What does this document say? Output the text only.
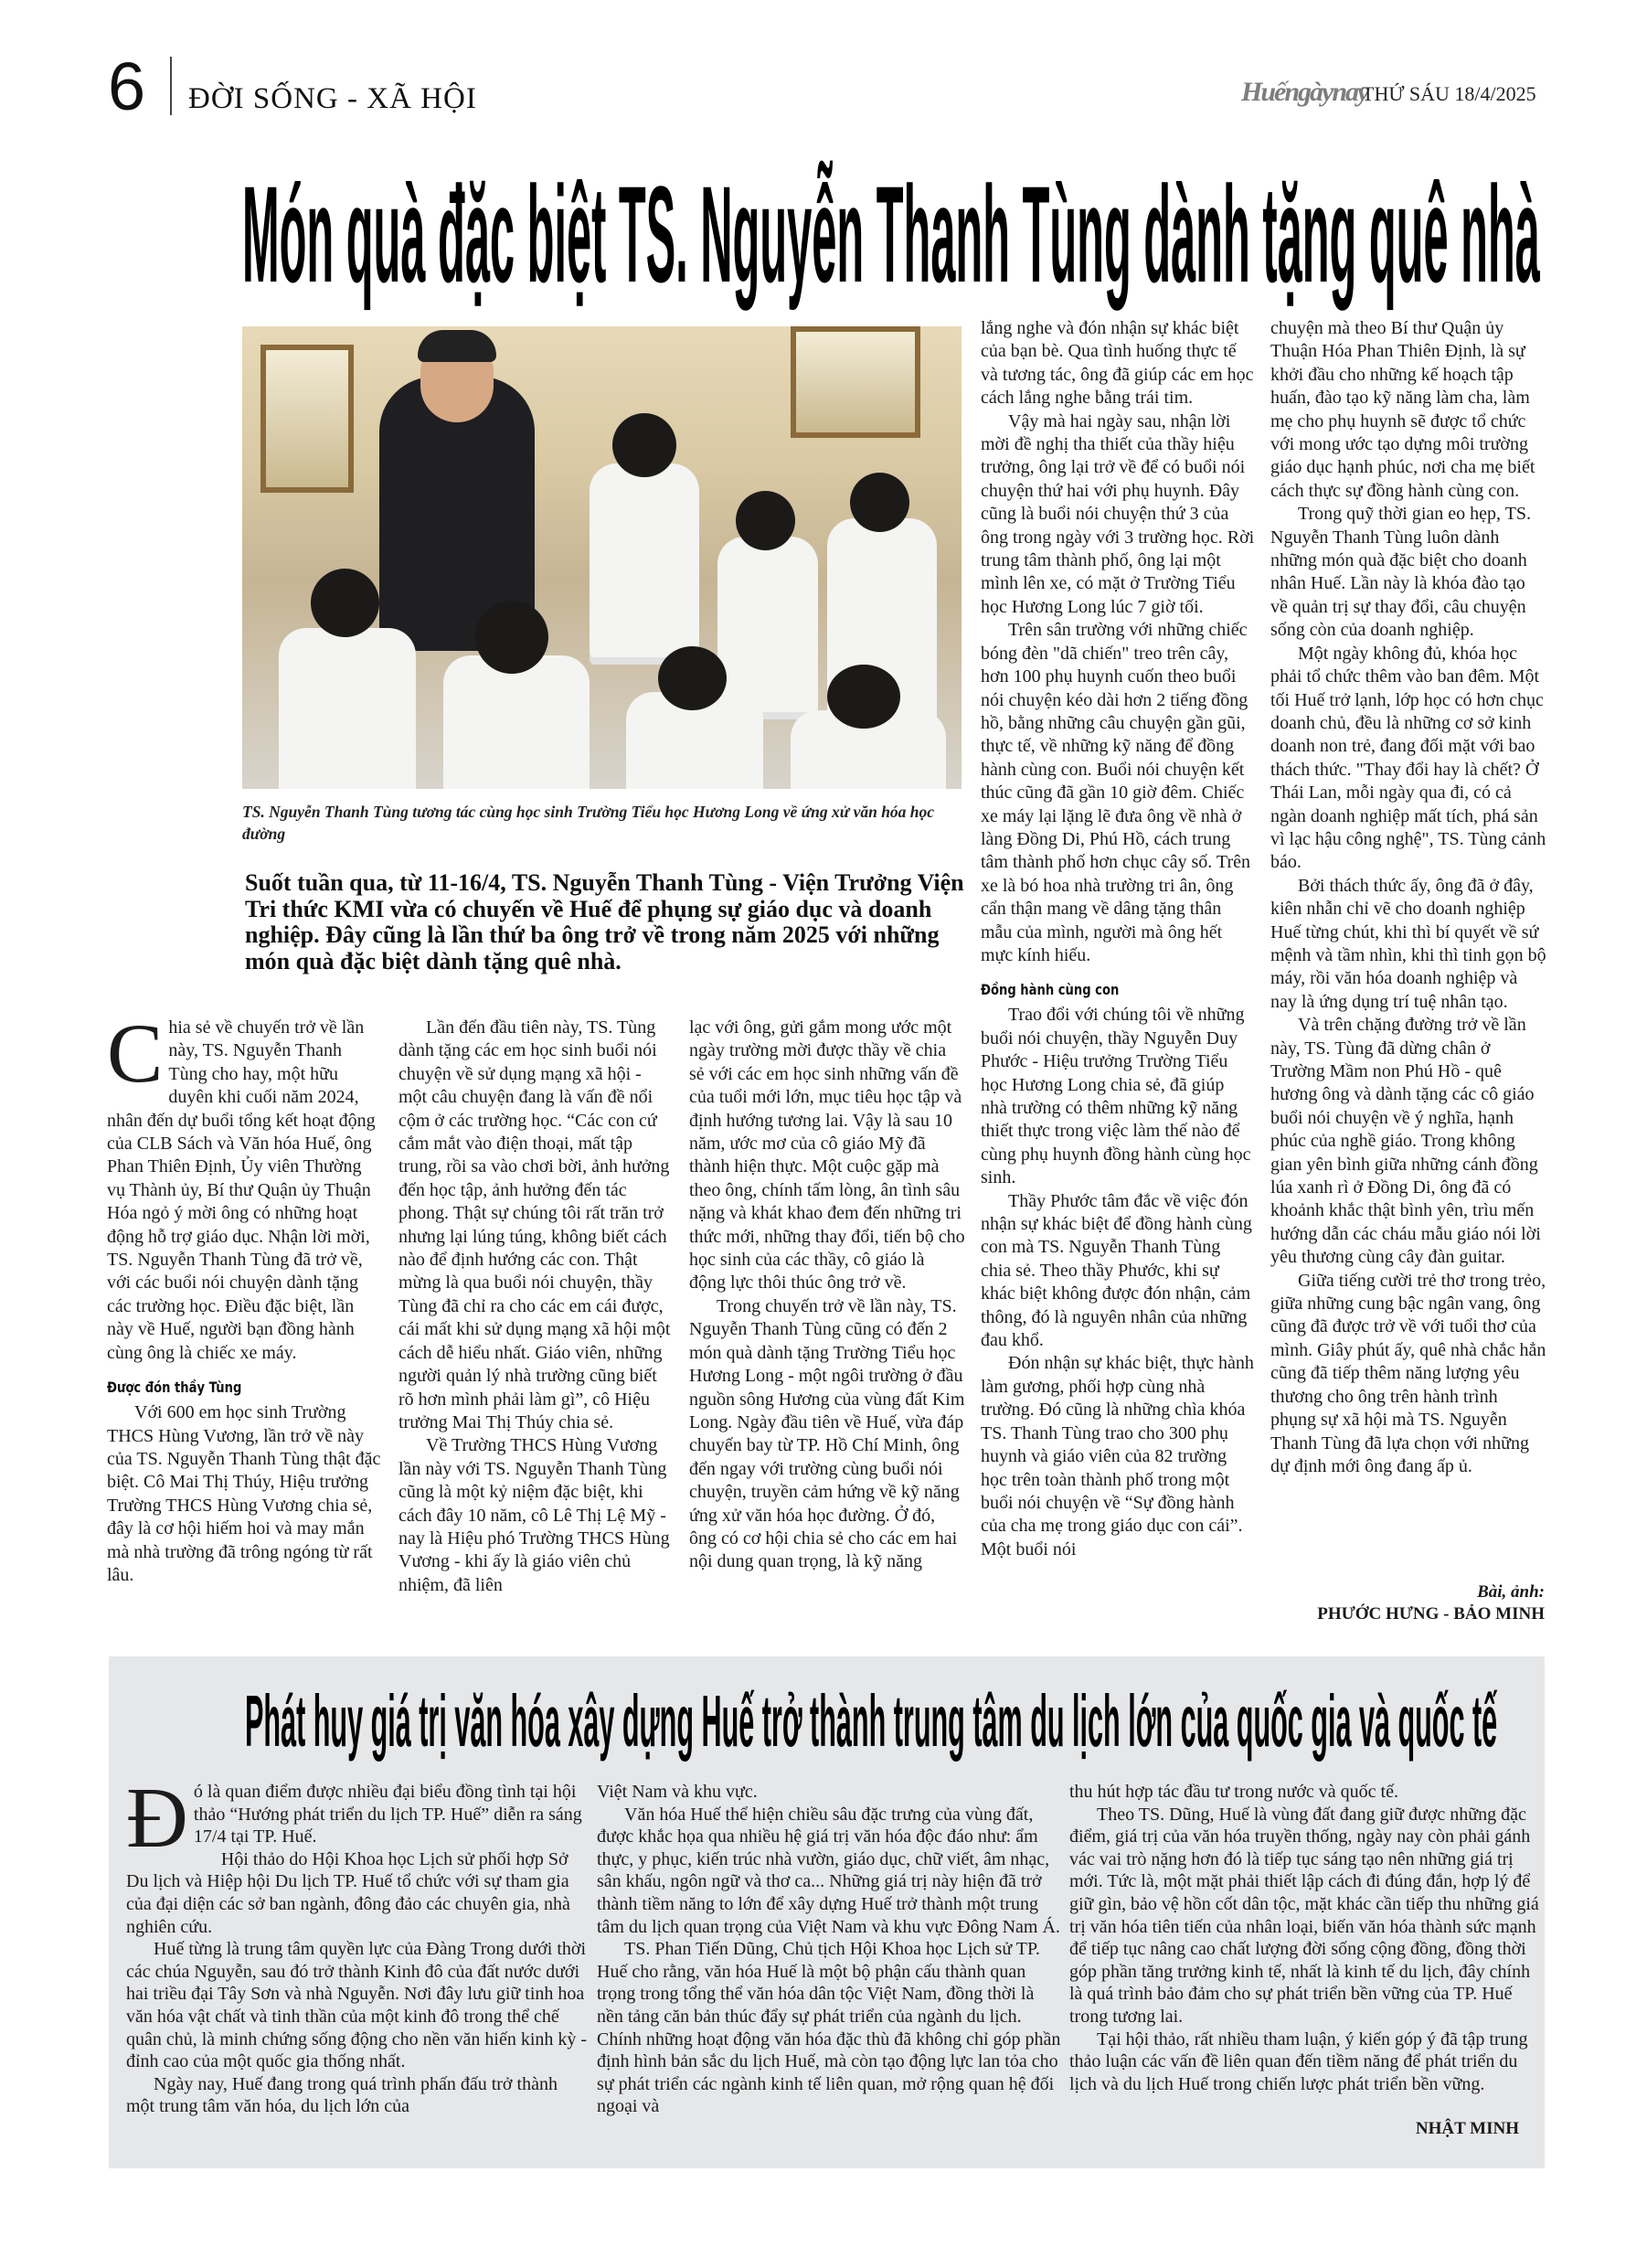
6 ĐỜI SỐNG - XÃ HỘI	Huếngàynay
THỨ SÁU 18/4/2025
Món quà đặc biệt TS. Nguyễn Thanh Tùng dành tặng quê nhà
TS. Nguyễn Thanh Tùng tương tác cùng học sinh Trường Tiểu học Hương Long về ứng xử văn hóa học đường
Suốt tuần qua, từ 11-16/4, TS. Nguyễn Thanh Tùng - Viện Trưởng Viện Tri thức KMI vừa có chuyến về Huế để phụng sự giáo dục và doanh nghiệp. Đây cũng là lần thứ ba ông trở về trong năm 2025 với những món quà đặc biệt dành tặng quê nhà.

Chia sẻ về chuyến trở về lần này, TS. Nguyễn Thanh Tùng cho hay, một hữu duyên khi cuối năm 2024, nhân đến dự buổi tổng kết hoạt động của CLB Sách và Văn hóa Huế, ông Phan Thiên Định, Ủy viên Thường vụ Thành ủy, Bí thư Quận ủy Thuận Hóa ngỏ ý mời ông có những hoạt động hỗ trợ giáo dục. Nhận lời mời, TS. Nguyễn Thanh Tùng đã trở về, với các buổi nói chuyện dành tặng các trường học. Điều đặc biệt, lần này về Huế, người bạn đồng hành cùng ông là chiếc xe máy.

Được đón thầy Tùng

Với 600 em học sinh Trường THCS Hùng Vương, lần trở về này của TS. Nguyễn Thanh Tùng thật đặc biệt. Cô Mai Thị Thúy, Hiệu trưởng Trường THCS Hùng Vương chia sẻ, đây là cơ hội hiếm hoi và may mắn mà nhà trường đã trông ngóng từ rất lâu.

Lần đến đầu tiên này, TS. Tùng dành tặng các em học sinh buổi nói chuyện về sử dụng mạng xã hội - một câu chuyện đang là vấn đề nổi cộm ở các trường học. “Các con cứ cắm mắt vào điện thoại, mất tập trung, rồi sa vào chơi bời, ảnh hưởng đến học tập, ảnh hưởng đến tác phong. Thật sự chúng tôi rất trăn trở nhưng lại lúng túng, không biết cách nào để định hướng các con. Thật mừng là qua buổi nói chuyện, thầy Tùng đã chỉ ra cho các em cái được, cái mất khi sử dụng mạng xã hội một cách dễ hiểu nhất. Giáo viên, những người quản lý nhà trường cũng biết rõ hơn mình phải làm gì”, cô Hiệu trưởng Mai Thị Thúy chia sẻ.

Về Trường THCS Hùng Vương lần này với TS. Nguyễn Thanh Tùng cũng là một kỷ niệm đặc biệt, khi cách đây 10 năm, cô Lê Thị Lệ Mỹ - nay là Hiệu phó Trường THCS Hùng Vương - khi ấy là giáo viên chủ nhiệm, đã liên

lạc với ông, gửi gắm mong ước một ngày trường mời được thầy về chia sẻ với các em học sinh những vấn đề của tuổi mới lớn, mục tiêu học tập và định hướng tương lai. Vậy là sau 10 năm, ước mơ của cô giáo Mỹ đã thành hiện thực. Một cuộc gặp mà theo ông, chính tấm lòng, ân tình sâu nặng và khát khao đem đến những tri thức mới, những thay đổi, tiến bộ cho học sinh của các thầy, cô giáo là động lực thôi thúc ông trở về.

Trong chuyến trở về lần này, TS. Nguyễn Thanh Tùng cũng có đến 2 món quà dành tặng Trường Tiểu học Hương Long - một ngôi trường ở đầu nguồn sông Hương của vùng đất Kim Long. Ngày đầu tiên về Huế, vừa đáp chuyến bay từ TP. Hồ Chí Minh, ông đến ngay với trường cùng buổi nói chuyện, truyền cảm hứng về kỹ năng ứng xử văn hóa học đường. Ở đó, ông có cơ hội chia sẻ cho các em hai nội dung quan trọng, là kỹ năng

lắng nghe và đón nhận sự khác biệt của bạn bè. Qua tình huống thực tế và tương tác, ông đã giúp các em học cách lắng nghe bằng trái tim.

Vậy mà hai ngày sau, nhận lời mời đề nghị tha thiết của thầy hiệu trưởng, ông lại trở về để có buổi nói chuyện thứ hai với phụ huynh. Đây cũng là buổi nói chuyện thứ 3 của ông trong ngày với 3 trường học. Rời trung tâm thành phố, ông lại một mình lên xe, có mặt ở Trường Tiểu học Hương Long lúc 7 giờ tối.

Trên sân trường với những chiếc bóng đèn "dã chiến" treo trên cây, hơn 100 phụ huynh cuốn theo buổi nói chuyện kéo dài hơn 2 tiếng đồng hồ, bằng những câu chuyện gần gũi, thực tế, về những kỹ năng để đồng hành cùng con. Buổi nói chuyện kết thúc cũng đã gần 10 giờ đêm. Chiếc xe máy lại lặng lẽ đưa ông về nhà ở làng Đồng Di, Phú Hồ, cách trung tâm thành phố hơn chục cây số. Trên xe là bó hoa nhà trường tri ân, ông cẩn thận mang về dâng tặng thân mẫu của mình, người mà ông hết mực kính hiếu.

Đồng hành cùng con

Trao đổi với chúng tôi về những buổi nói chuyện, thầy Nguyễn Duy Phước - Hiệu trưởng Trường Tiểu học Hương Long chia sẻ, đã giúp nhà trường có thêm những kỹ năng thiết thực trong việc làm thế nào để cùng phụ huynh đồng hành cùng học sinh.

Thầy Phước tâm đắc về việc đón nhận sự khác biệt để đồng hành cùng con mà TS. Nguyễn Thanh Tùng chia sẻ. Theo thầy Phước, khi sự khác biệt không được đón nhận, cảm thông, đó là nguyên nhân của những đau khổ.

Đón nhận sự khác biệt, thực hành làm gương, phối hợp cùng nhà trường. Đó cũng là những chìa khóa TS. Thanh Tùng trao cho 300 phụ huynh và giáo viên của 82 trường học trên toàn thành phố trong một buổi nói chuyện về “Sự đồng hành của cha mẹ trong giáo dục con cái”. Một buổi nói

chuyện mà theo Bí thư Quận ủy Thuận Hóa Phan Thiên Định, là sự khởi đầu cho những kế hoạch tập huấn, đào tạo kỹ năng làm cha, làm mẹ cho phụ huynh sẽ được tổ chức với mong ước tạo dựng môi trường giáo dục hạnh phúc, nơi cha mẹ biết cách thực sự đồng hành cùng con.

Trong quỹ thời gian eo hẹp, TS. Nguyễn Thanh Tùng luôn dành những món quà đặc biệt cho doanh nhân Huế. Lần này là khóa đào tạo về quản trị sự thay đổi, câu chuyện sống còn của doanh nghiệp.

Một ngày không đủ, khóa học phải tổ chức thêm vào ban đêm. Một tối Huế trở lạnh, lớp học có hơn chục doanh chủ, đều là những cơ sở kinh doanh non trẻ, đang đối mặt với bao thách thức. "Thay đổi hay là chết? Ở Thái Lan, mỗi ngày qua đi, có cả ngàn doanh nghiệp mất tích, phá sản vì lạc hậu công nghệ", TS. Tùng cảnh báo.

Bởi thách thức ấy, ông đã ở đây, kiên nhẫn chỉ vẽ cho doanh nghiệp Huế từng chút, khi thì bí quyết về sứ mệnh và tầm nhìn, khi thì tinh gọn bộ máy, rồi văn hóa doanh nghiệp và nay là ứng dụng trí tuệ nhân tạo.

Và trên chặng đường trở về lần này, TS. Tùng đã dừng chân ở Trường Mầm non Phú Hồ - quê hương ông và dành tặng các cô giáo buổi nói chuyện về ý nghĩa, hạnh phúc của nghề giáo. Trong không gian yên bình giữa những cánh đồng lúa xanh rì ở Đồng Di, ông đã có khoảnh khắc thật bình yên, trìu mến hướng dẫn các cháu mẫu giáo nói lời yêu thương cùng cây đàn guitar.

Giữa tiếng cười trẻ thơ trong trẻo, giữa những cung bậc ngân vang, ông cũng đã được trở về với tuổi thơ của mình. Giây phút ấy, quê nhà chắc hẳn cũng đã tiếp thêm năng lượng yêu thương cho ông trên hành trình phụng sự xã hội mà TS. Nguyễn Thanh Tùng đã lựa chọn với những dự định mới ông đang ấp ủ.

Bài, ảnh:
PHƯỚC HƯNG - BẢO MINH
Phát huy giá trị văn hóa xây dựng Huế trở thành trung tâm du lịch lớn của quốc gia và quốc tế

Đó là quan điểm được nhiều đại biểu đồng tình tại hội thảo “Hướng phát triển du lịch TP. Huế” diễn ra sáng 17/4 tại TP. Huế.

Hội thảo do Hội Khoa học Lịch sử phối hợp Sở Du lịch và Hiệp hội Du lịch TP. Huế tổ chức với sự tham gia của đại diện các sở ban ngành, đông đảo các chuyên gia, nhà nghiên cứu.

Huế từng là trung tâm quyền lực của Đàng Trong dưới thời các chúa Nguyễn, sau đó trở thành Kinh đô của đất nước dưới hai triều đại Tây Sơn và nhà Nguyễn. Nơi đây lưu giữ tinh hoa văn hóa vật chất và tinh thần của một kinh đô trong thể chế quân chủ, là minh chứng sống động cho nền văn hiến kinh kỳ - đỉnh cao của một quốc gia thống nhất.

Ngày nay, Huế đang trong quá trình phấn đấu trở thành một trung tâm văn hóa, du lịch lớn của

Việt Nam và khu vực.

Văn hóa Huế thể hiện chiều sâu đặc trưng của vùng đất, được khắc họa qua nhiều hệ giá trị văn hóa độc đáo như: ẩm thực, y phục, kiến trúc nhà vườn, giáo dục, chữ viết, âm nhạc, sân khấu, ngôn ngữ và thơ ca... Những giá trị này hiện đã trở thành tiềm năng to lớn để xây dựng Huế trở thành một trung tâm du lịch quan trọng của Việt Nam và khu vực Đông Nam Á.

TS. Phan Tiến Dũng, Chủ tịch Hội Khoa học Lịch sử TP. Huế cho rằng, văn hóa Huế là một bộ phận cấu thành quan trọng trong tổng thể văn hóa dân tộc Việt Nam, đồng thời là nền tảng căn bản thúc đẩy sự phát triển của ngành du lịch. Chính những hoạt động văn hóa đặc thù đã không chỉ góp phần định hình bản sắc du lịch Huế, mà còn tạo động lực lan tỏa cho sự phát triển các ngành kinh tế liên quan, mở rộng quan hệ đối ngoại và

thu hút hợp tác đầu tư trong nước và quốc tế.

Theo TS. Dũng, Huế là vùng đất đang giữ được những đặc điểm, giá trị của văn hóa truyền thống, ngày nay còn phải gánh vác vai trò nặng hơn đó là tiếp tục sáng tạo nên những giá trị mới. Tức là, một mặt phải thiết lập cách đi đúng đắn, hợp lý để giữ gìn, bảo vệ hồn cốt dân tộc, mặt khác cần tiếp thu những giá trị văn hóa tiên tiến của nhân loại, biến văn hóa thành sức mạnh để tiếp tục nâng cao chất lượng đời sống cộng đồng, đồng thời góp phần tăng trưởng kinh tế, nhất là kinh tế du lịch, đây chính là quá trình bảo đảm cho sự phát triển bền vững của TP. Huế trong tương lai.

Tại hội thảo, rất nhiều tham luận, ý kiến góp ý đã tập trung thảo luận các vấn đề liên quan đến tiềm năng để phát triển du lịch và du lịch Huế trong chiến lược phát triển bền vững.

NHẬT MINH
